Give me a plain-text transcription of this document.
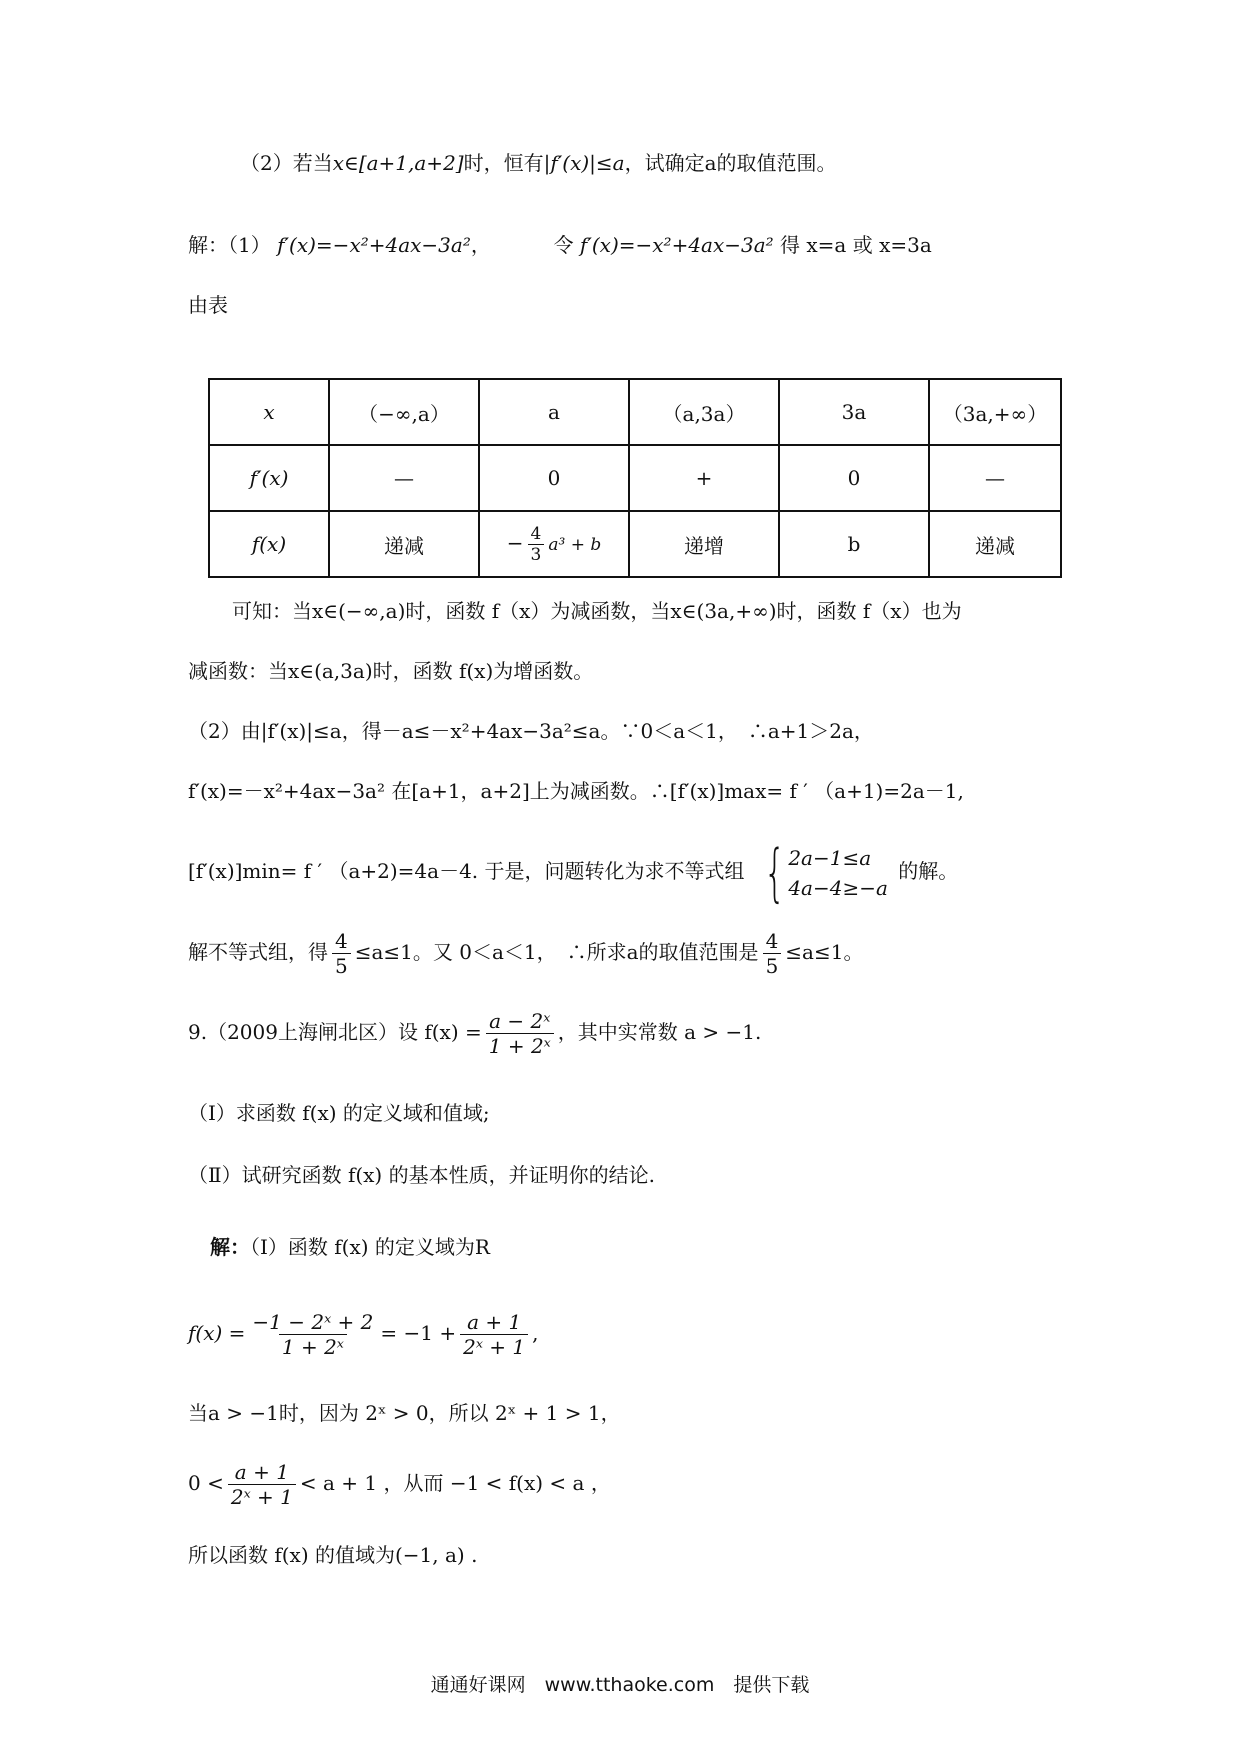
（2）若当x∈[a+1,a+2]时，恒有|f′(x)|≤a，试确定a的取值范围。
解：（1） f′(x)=−x²+4ax−3a²，	令 f′(x)=−x²+4ax−3a² 得 x=a 或 x=3a
由表
x	（−∞,a）	a	（a,3a）	3a	（3a,+∞）
f′(x)	—	0	+	0	—
f(x)	递减	− $\frac{4}{3} a^3 + b$	递增	b	递减
可知：当x∈(−∞,a)时，函数 f（x）为减函数，当x∈(3a,+∞)时，函数 f（x）也为
减函数：当x∈(a,3a)时，函数 f(x)为增函数。
（2）由|f′(x)|≤a，得－a≤－x²+4ax−3a²≤a。∵0＜a＜1，　∴a+1＞2a，
f′(x)=－x²+4ax−3a² 在[a+1，a+2]上为减函数。∴[f′(x)]max= f ′ （a+1)=2a－1,
[f′(x)]min= f ′ （a+2)=4a－4. 于是，问题转化为求不等式组 { 2a−1≤a
4a−4≥−a
的解。
解不等式组，得 $\frac{4}{5} \le a\le 1$。又 0＜a＜1，　∴所求a的取值范围是 $\frac{4}{5} \le a\le 1$。
9.（2009上海闸北区）设 $f(x) = \frac{\text{a − 2ˣ}}{\text{1 + 2ˣ}}$ ，其中实常数 a > −1.
（Ⅰ）求函数 f(x) 的定义域和值域;
（Ⅱ）试研究函数 f(x) 的基本性质，并证明你的结论.
解：（Ⅰ）函数 f(x) 的定义域为R
$f(x) = \frac{\text{−1 − 2ˣ + 2}}{\text{1 + 2ˣ}} = -1 + \frac{a + 1}{\text{2ˣ + 1}}$ ,
当a > −1时，因为 2ˣ > 0，所以 2ˣ + 1 > 1，
$0 < \frac{a + 1}{\text{2ˣ + 1}} < a + 1$ ，从而 −1 < f(x) < a ，
所以函数 f(x) 的值域为(−1, a) .
通通好课网　www.tthaoke.com　提供下载
